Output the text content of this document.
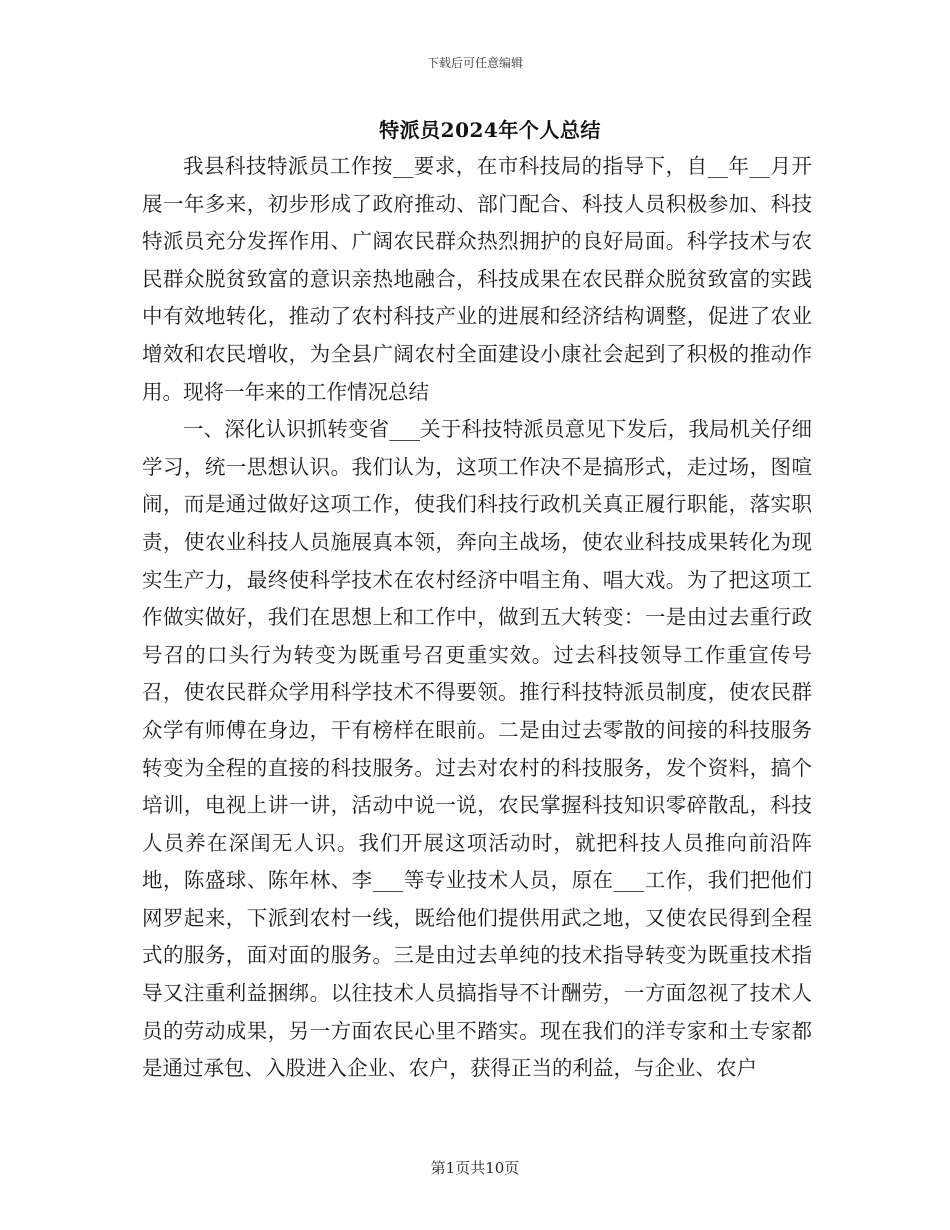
下载后可任意编辑
特派员2024年个人总结

我县科技特派员工作按__要求，在市科技局的指导下，自__年__月开展一年多来，初步形成了政府推动、部门配合、科技人员积极参加、科技特派员充分发挥作用、广阔农民群众热烈拥护的良好局面。科学技术与农民群众脱贫致富的意识亲热地融合，科技成果在农民群众脱贫致富的实践中有效地转化，推动了农村科技产业的进展和经济结构调整，促进了农业增效和农民增收，为全县广阔农村全面建设小康社会起到了积极的推动作用。现将一年来的工作情况总结

一、深化认识抓转变省___关于科技特派员意见下发后，我局机关仔细学习，统一思想认识。我们认为，这项工作决不是搞形式，走过场，图喧闹，而是通过做好这项工作，使我们科技行政机关真正履行职能，落实职责，使农业科技人员施展真本领，奔向主战场，使农业科技成果转化为现实生产力，最终使科学技术在农村经济中唱主角、唱大戏。为了把这项工作做实做好，我们在思想上和工作中，做到五大转变：一是由过去重行政号召的口头行为转变为既重号召更重实效。过去科技领导工作重宣传号召，使农民群众学用科学技术不得要领。推行科技特派员制度，使农民群众学有师傅在身边，干有榜样在眼前。二是由过去零散的间接的科技服务转变为全程的直接的科技服务。过去对农村的科技服务，发个资料，搞个培训，电视上讲一讲，活动中说一说，农民掌握科技知识零碎散乱，科技人员养在深闺无人识。我们开展这项活动时，就把科技人员推向前沿阵地，陈盛球、陈年林、李___等专业技术人员，原在___工作，我们把他们网罗起来，下派到农村一线，既给他们提供用武之地，又使农民得到全程式的服务，面对面的服务。三是由过去单纯的技术指导转变为既重技术指导又注重利益捆绑。以往技术人员搞指导不计酬劳，一方面忽视了技术人员的劳动成果，另一方面农民心里不踏实。现在我们的洋专家和土专家都是通过承包、入股进入企业、农户，获得正当的利益，与企业、农户

第1页共10页
